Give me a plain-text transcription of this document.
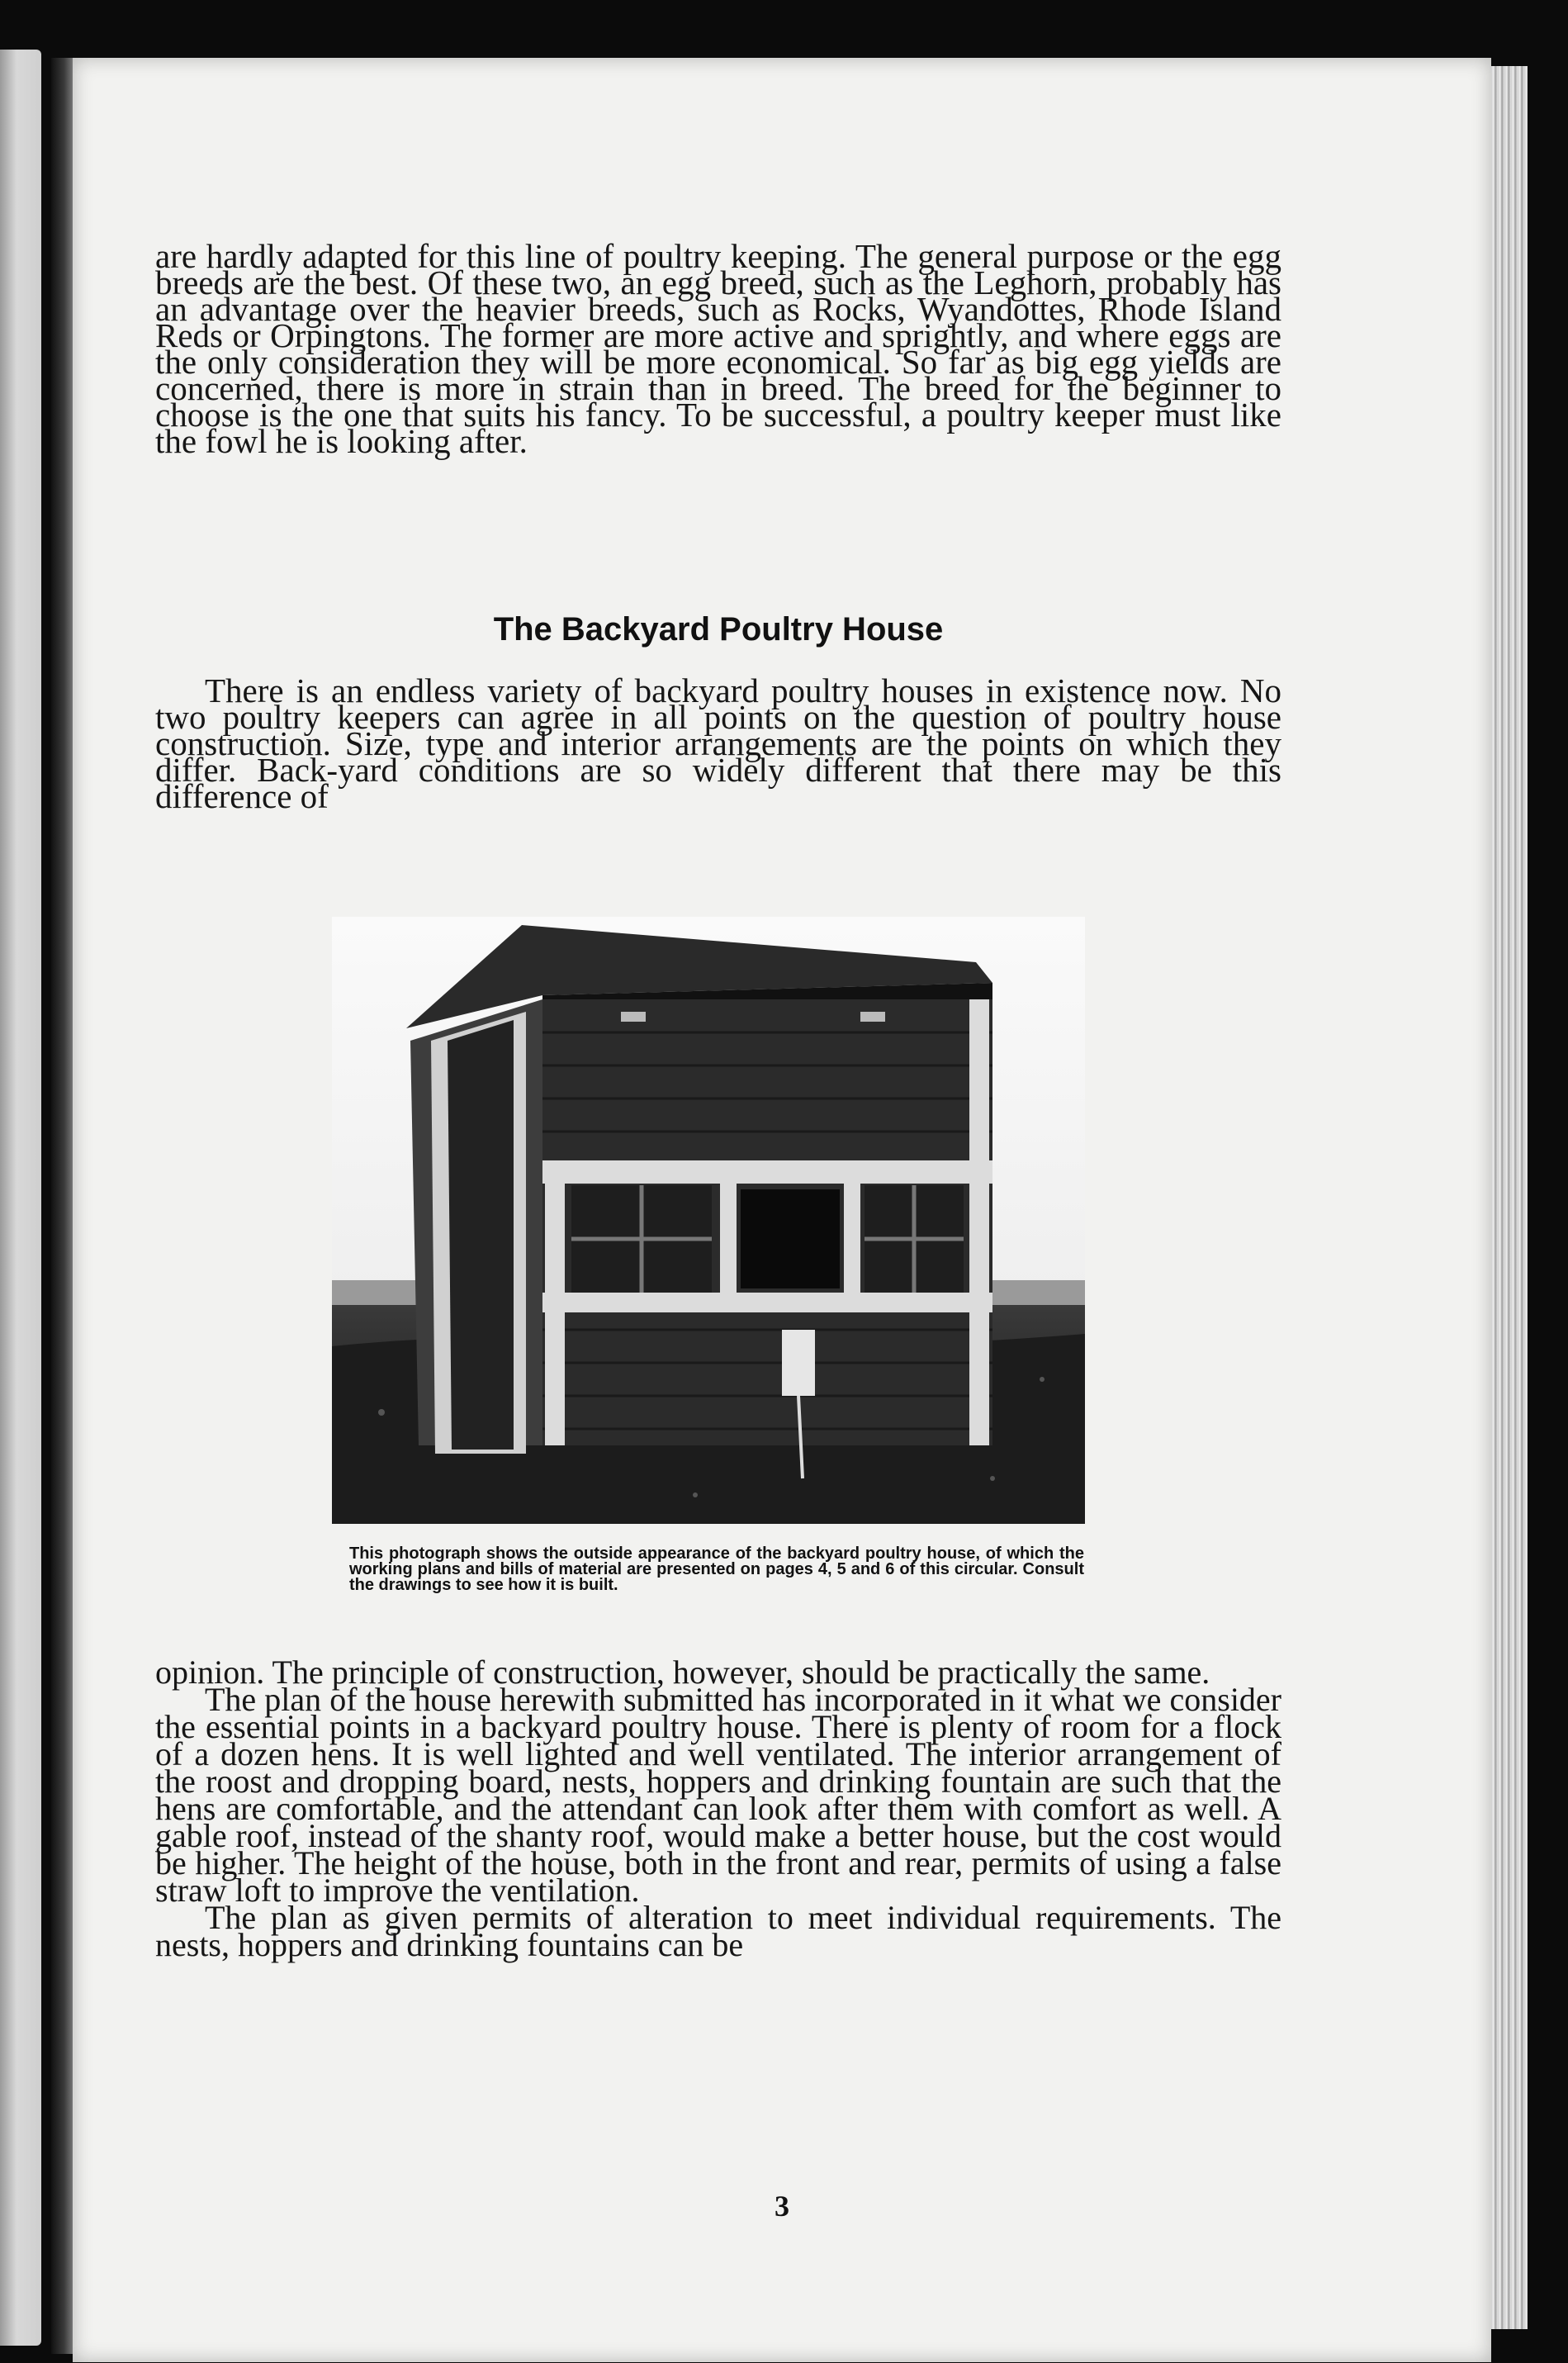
are hardly adapted for this line of poultry keeping. The general purpose or the egg breeds are the best. Of these two, an egg breed, such as the Leghorn, probably has an advantage over the heavier breeds, such as Rocks, Wyandottes, Rhode Island Reds or Orpingtons. The former are more active and sprightly, and where eggs are the only consideration they will be more economical. So far as big egg yields are concerned, there is more in strain than in breed. The breed for the beginner to choose is the one that suits his fancy. To be successful, a poultry keeper must like the fowl he is looking after.

The Backyard Poultry House

There is an endless variety of backyard poultry houses in existence now. No two poultry keepers can agree in all points on the question of poultry house construction. Size, type and interior arrangements are the points on which they differ. Back-yard conditions are so widely different that there may be this difference of

This photograph shows the outside appearance of the backyard poultry house, of which the working plans and bills of material are presented on pages 4, 5 and 6 of this circular. Consult the drawings to see how it is built.

opinion. The principle of construction, however, should be practically the same.

The plan of the house herewith submitted has incorporated in it what we consider the essential points in a backyard poultry house. There is plenty of room for a flock of a dozen hens. It is well lighted and well ventilated. The interior arrangement of the roost and dropping board, nests, hoppers and drinking fountain are such that the hens are comfortable, and the attendant can look after them with comfort as well. A gable roof, instead of the shanty roof, would make a better house, but the cost would be higher. The height of the house, both in the front and rear, permits of using a false straw loft to improve the ventilation.

The plan as given permits of alteration to meet individual requirements. The nests, hoppers and drinking fountains can be

3
